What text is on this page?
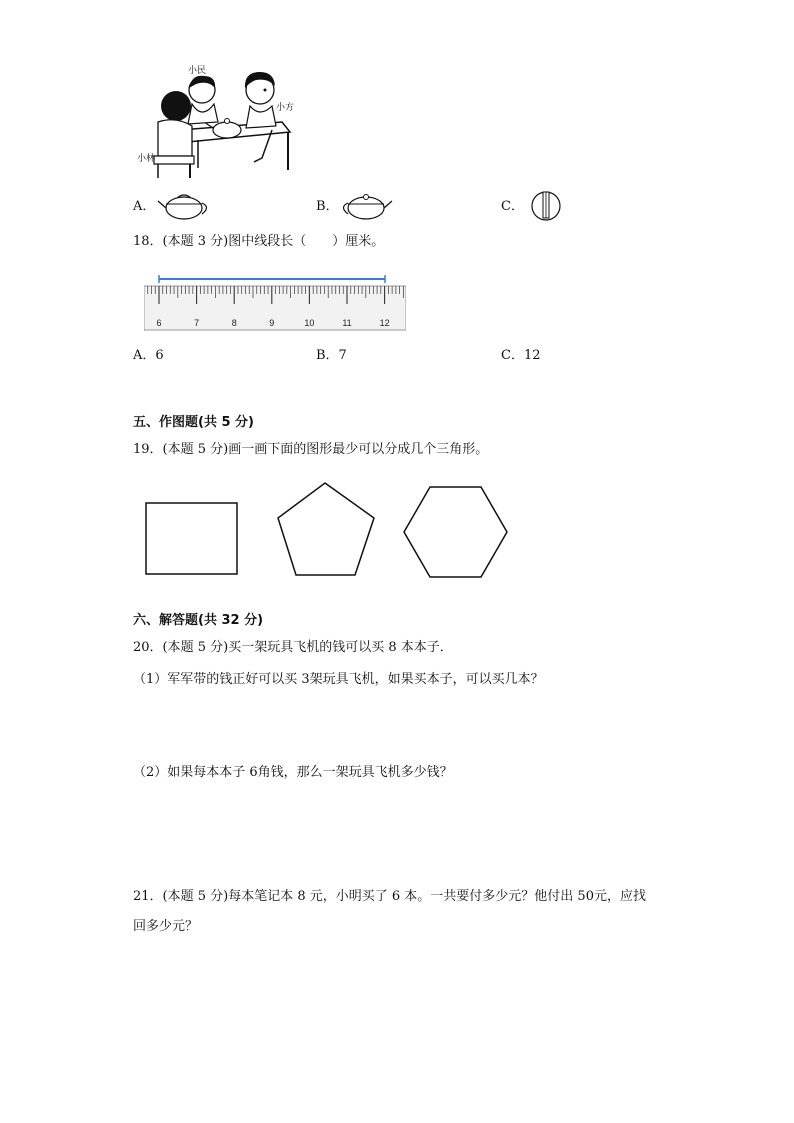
小民
小方
小林
A．	B．	C．
18．(本题 3 分)图中线段长（　　）厘米。
6	7	8	9	10	11	12
A．6	B．7	C．12
五、作图题(共 5 分)
19．(本题 5 分)画一画下面的图形最少可以分成几个三角形。
六、解答题(共 32 分)
20．(本题 5 分)买一架玩具飞机的钱可以买 8 本本子．
（1）军军带的钱正好可以买 3架玩具飞机，如果买本子，可以买几本？
（2）如果每本本子 6角钱，那么一架玩具飞机多少钱？
21．(本题 5 分)每本笔记本 8 元，小明买了 6 本。一共要付多少元？他付出 50元，应找
回多少元？
